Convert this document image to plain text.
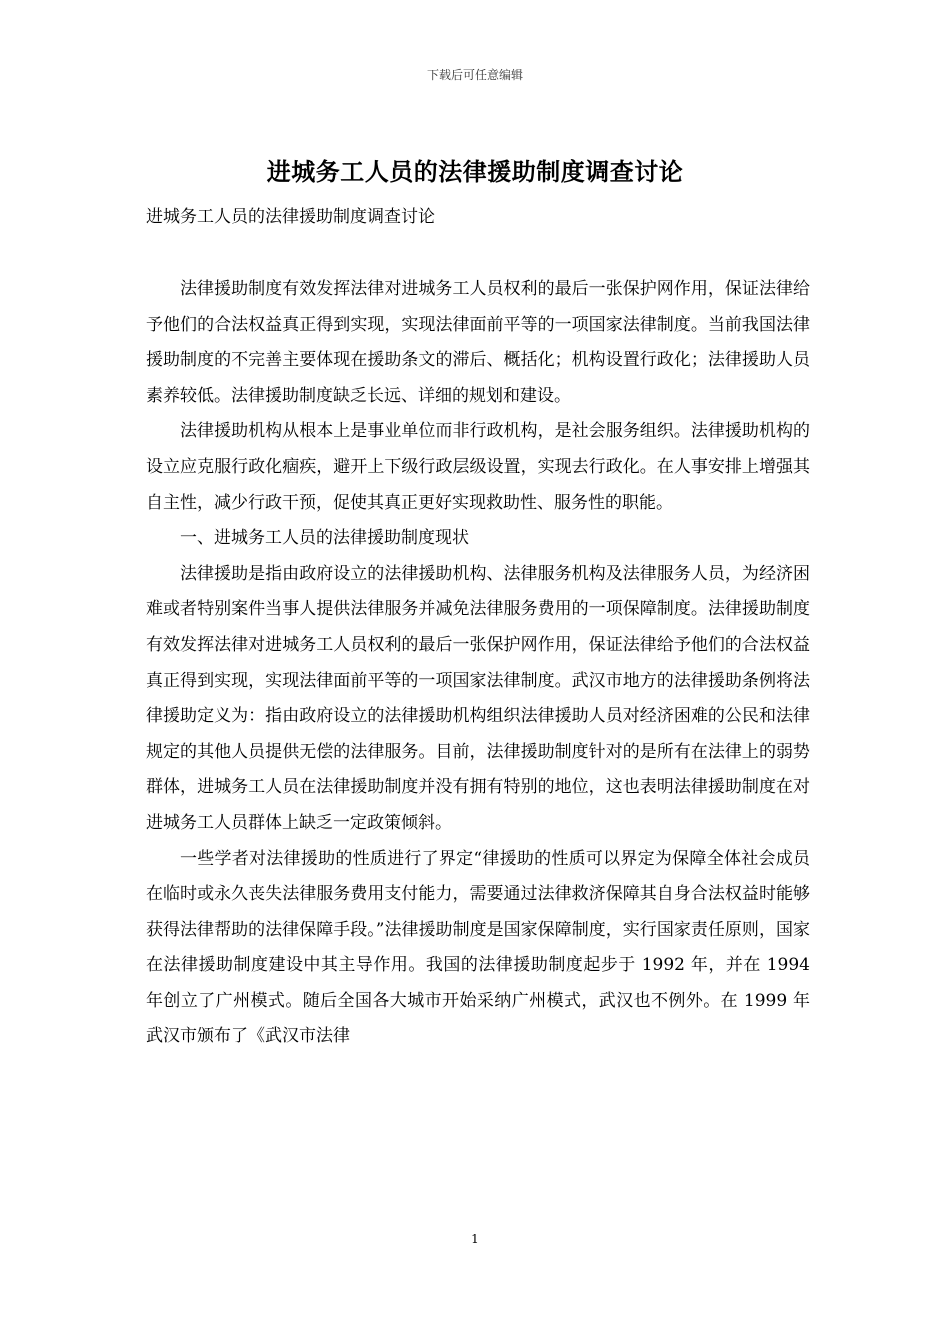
下载后可任意编辑
进城务工人员的法律援助制度调查讨论
进城务工人员的法律援助制度调查讨论

法律援助制度有效发挥法律对进城务工人员权利的最后一张保护网作用，保证法律给予他们的合法权益真正得到实现，实现法律面前平等的一项国家法律制度。当前我国法律援助制度的不完善主要体现在援助条文的滞后、概括化；机构设置行政化；法律援助人员素养较低。法律援助制度缺乏长远、详细的规划和建设。

法律援助机构从根本上是事业单位而非行政机构，是社会服务组织。法律援助机构的设立应克服行政化痼疾，避开上下级行政层级设置，实现去行政化。在人事安排上增强其自主性，减少行政干预，促使其真正更好实现救助性、服务性的职能。

一、进城务工人员的法律援助制度现状

法律援助是指由政府设立的法律援助机构、法律服务机构及法律服务人员，为经济困难或者特别案件当事人提供法律服务并减免法律服务费用的一项保障制度。法律援助制度有效发挥法律对进城务工人员权利的最后一张保护网作用，保证法律给予他们的合法权益真正得到实现，实现法律面前平等的一项国家法律制度。武汉市地方的法律援助条例将法律援助定义为：指由政府设立的法律援助机构组织法律援助人员对经济困难的公民和法律规定的其他人员提供无偿的法律服务。目前，法律援助制度针对的是所有在法律上的弱势群体，进城务工人员在法律援助制度并没有拥有特别的地位，这也表明法律援助制度在对进城务工人员群体上缺乏一定政策倾斜。

一些学者对法律援助的性质进行了界定“律援助的性质可以界定为保障全体社会成员在临时或永久丧失法律服务费用支付能力，需要通过法律救济保障其自身合法权益时能够获得法律帮助的法律保障手段。”法律援助制度是国家保障制度，实行国家责任原则，国家在法律援助制度建设中其主导作用。我国的法律援助制度起步于 1992 年，并在 1994 年创立了广州模式。随后全国各大城市开始采纳广州模式，武汉也不例外。在 1999 年武汉市颁布了《武汉市法律

1
